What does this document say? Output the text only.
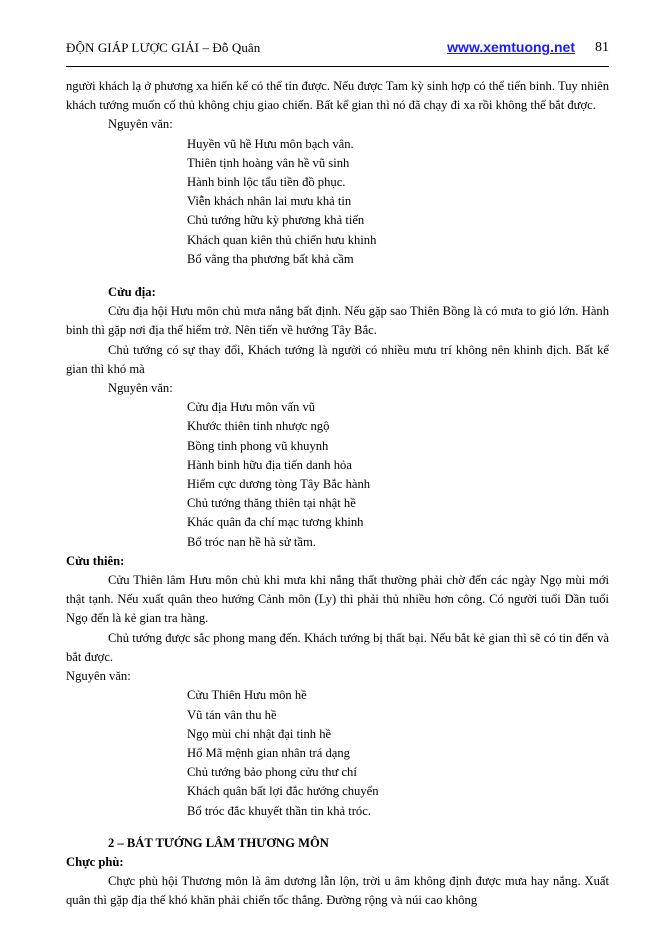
ĐỘN GIÁP LƯỢC GIẢI – Đỗ Quân	www.xemtuong.net 81

người khách lạ ở phương xa hiến kế có thể tin được. Nếu được Tam kỳ sinh hợp có thể tiến binh. Tuy nhiên khách tướng muốn cố thủ không chịu giao chiến. Bất kể gian thì nó đã chạy đi xa rồi không thể bắt được.

Nguyên văn:

Huyền vũ hề Hưu môn bạch vân.

Thiên tịnh hoàng vân hề vũ sinh

Hành binh lộc tẩu tiền đồ phục.

Viễn khách nhân lai mưu khả tin

Chủ tướng hữu kỳ phương khả tiến

Khách quan kiên thủ chiến hưu khinh

Bổ vãng tha phương bất khả cầm

Cửu địa:

Cửu địa hội Hưu môn chủ mưa nắng bất định. Nếu gặp sao Thiên Bồng là có mưa to gió lớn. Hành binh thì gặp nơi địa thế hiểm trở. Nên tiến về hướng Tây Bắc.

Chủ tướng có sự thay đổi, Khách tướng là người có nhiều mưu trí không nên khinh địch. Bất kể gian thì khó mà

Nguyên văn:

Cửu địa Hưu môn vấn vũ

Khước thiên tinh nhược ngộ

Bồng tinh phong vũ khuynh

Hành binh hữu địa tiến danh hỏa

Hiểm cực dương tòng Tây Bắc hành

Chủ tướng thăng thiên tại nhật hề

Khác quân đa chí mạc tương khinh

Bổ tróc nan hề hà sử tầm.

Cửu thiên:

Cửu Thiên lâm Hưu môn chủ khi mưa khi nắng thất thường phải chờ đến các ngày Ngọ mùi mới thật tạnh. Nếu xuất quân theo hướng Cảnh môn (Ly) thì phải thủ nhiều hơn công. Có người tuổi Dần tuổi Ngọ đến là kẻ gian tra hàng.

Chủ tướng được sắc phong mang đến. Khách tướng bị thất bại. Nếu bắt kẻ gian thì sẽ có tin đến và bắt được.

Nguyên văn:

Cửu Thiên Hưu môn hề

Vũ tán vân thu hề

Ngọ mùi chi nhật đại tinh hề

Hổ Mã mệnh gian nhân trá dạng

Chủ tướng bảo phong cửu thư chí

Khách quân bất lợi đắc hướng chuyển

Bổ tróc đắc khuyết thần tin khả tróc.

2 – BÁT TƯỚNG LÂM THƯƠNG MÔN

Chực phù:

Chực phù hội Thương môn là âm dương lẫn lộn, trời u âm không định được mưa hay nắng. Xuất quân thì gặp địa thế khó khăn phải chiến tốc thắng. Đường rộng và núi cao không
